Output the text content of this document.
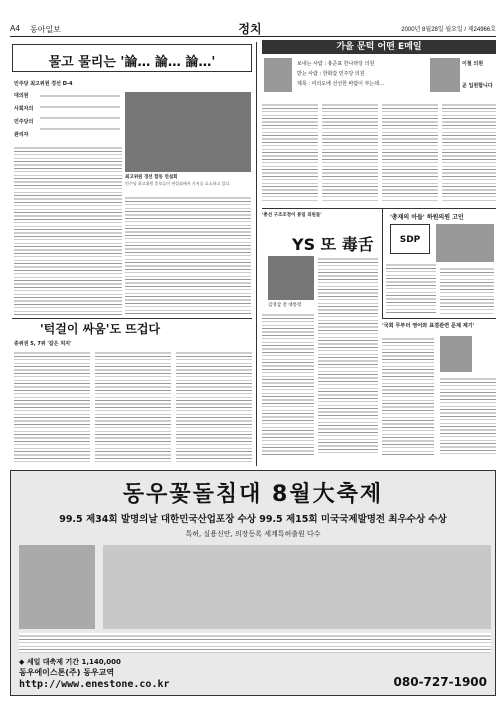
A4 동아일보	정치	2000년 8월28일 월요일 / 제24966호
물고 물리는 '論… 論… 論…'
민주당 최고위원 경선 D-4
대의원
사회자의
민주당의
관리자
최고위원 경선 합동 연설회
민주당 최고위원 후보들이 연설회에서 지지를 호소하고 있다.
'턱걸이 싸움'도 뜨겁다
중위권 5, 7위 '같은 처지'
가을 문턱 어떤 E메일
보내는 사람 : 홍준표 한나라당 의원
받는 사람 : 한화갑 민주당 의원
제목 : 여의도에 선선한 바람이 부는데…
이철 의원
곧 입원합니다
'총선 구조조정이 통일 의원들'
YS 또 毒舌
김영삼 전 대통령
'총재의 아들' 하원의원 고인
SDP
'국회 무부터 영어와 표결관련 문제 제기'
동우꽃돌침대 8월大축제
99.5 제34회 발명의날 대한민국산업포장 수상 99.5 제15회 미국국제발명전 최우수상 수상
특허, 실용신안, 의장등록 세계특허출원 다수
◆ 세일 대축제 기간 1,140,000
동우에이스톤(주) 동우교역
http://www.enestone.co.kr	080-727-1900
